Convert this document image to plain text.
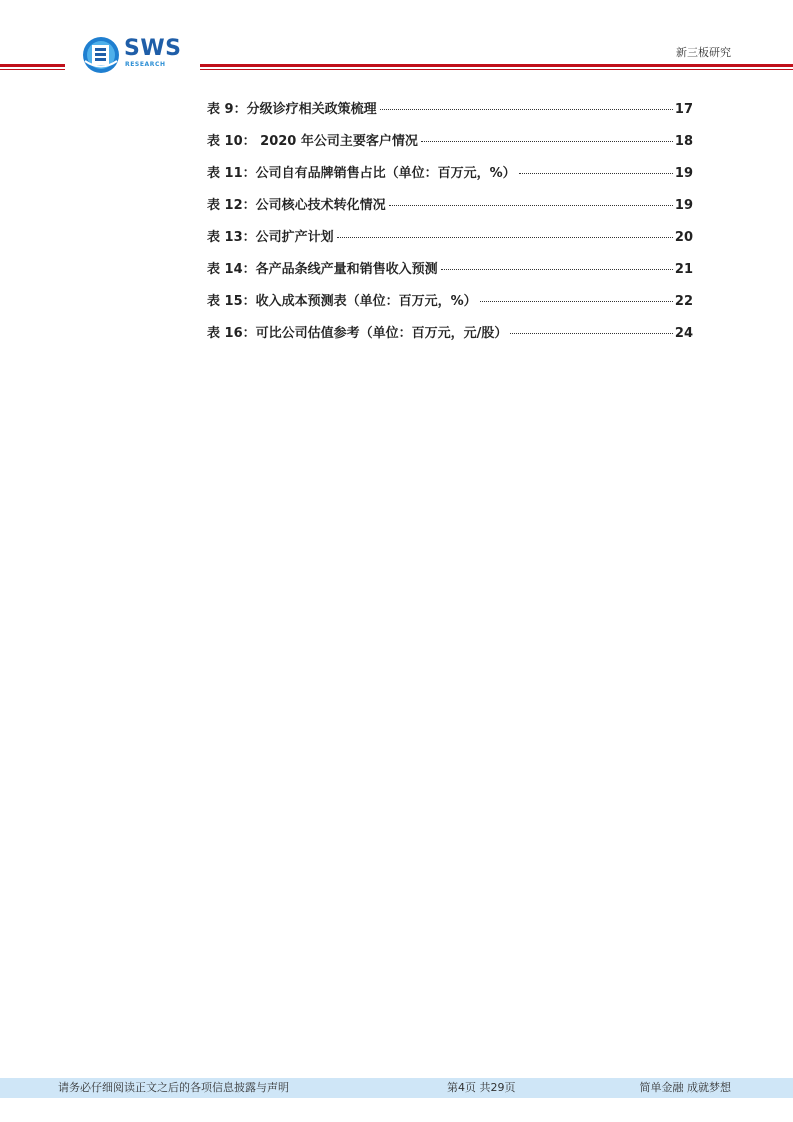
SWS
RESEARCH
新三板研究
表 9：分级诊疗相关政策梳理	17
表 10： 2020 年公司主要客户情况	18
表 11：公司自有品牌销售占比（单位：百万元，%）	19
表 12：公司核心技术转化情况	19
表 13：公司扩产计划	20
表 14：各产品条线产量和销售收入预测	21
表 15：收入成本预测表（单位：百万元，%）	22
表 16：可比公司估值参考（单位：百万元，元/股）	24
请务必仔细阅读正文之后的各项信息披露与声明	第4页 共29页	简单金融 成就梦想
